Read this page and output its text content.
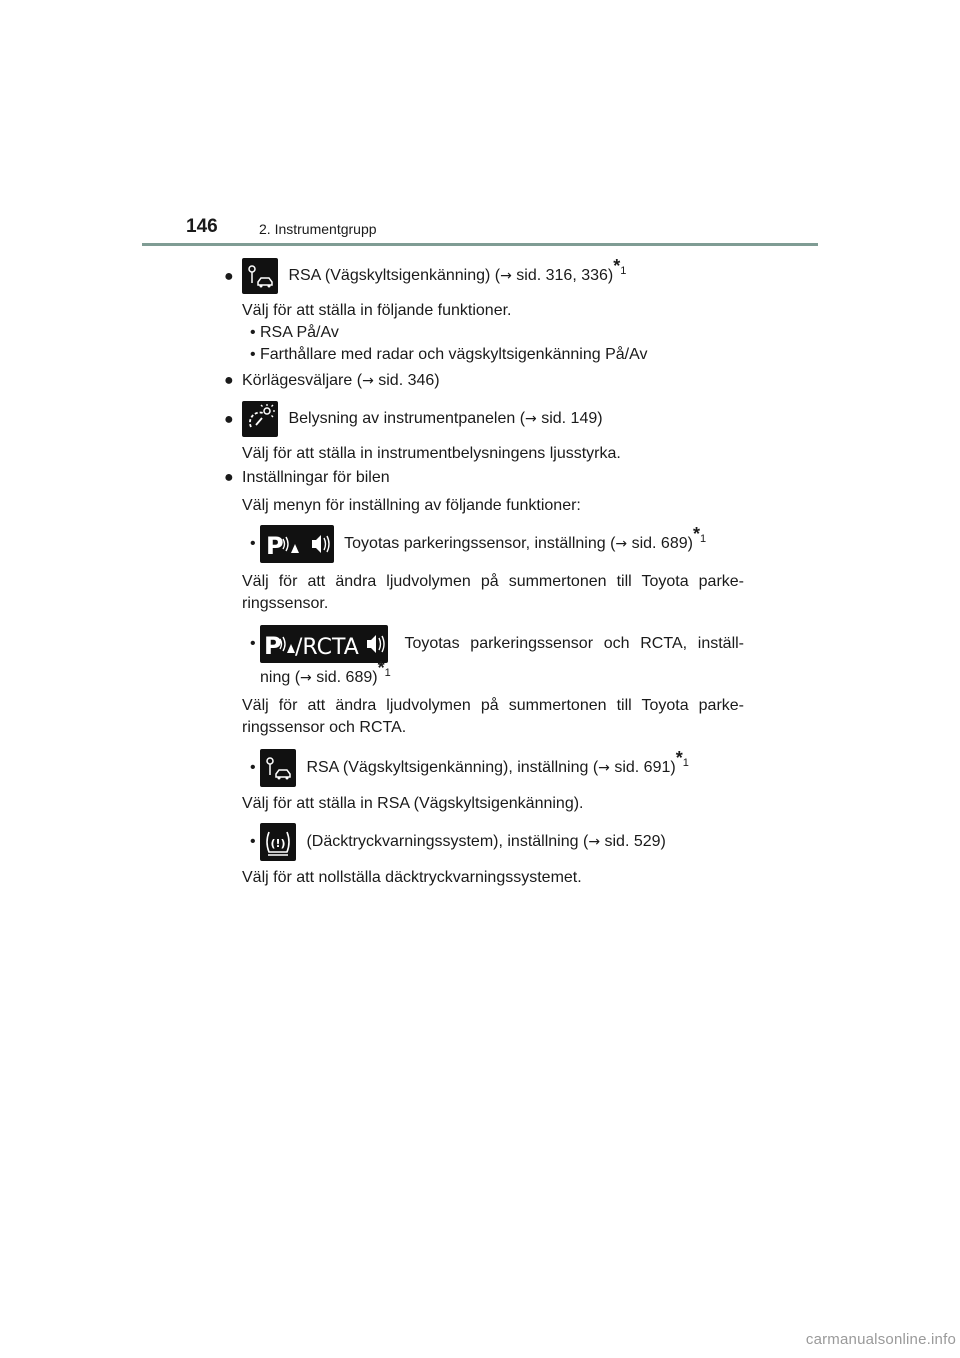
146	2. Instrumentgrupp
●	RSA (Vägskyltsigenkänning) (→ sid. 316, 336)$^{*1}$
Välj för att ställa in följande funktioner.
• RSA På/Av
• Farthållare med radar och vägskyltsigenkänning På/Av
● Körlägesväljare (→ sid. 346)
●	Belysning av instrumentpanelen (→ sid. 149)
Välj för att ställa in instrumentbelysningens ljusstyrka.
● Inställningar för bilen
Välj menyn för inställning av följande funktioner:
• P	Toyotas parkeringssensor, inställning (→ sid. 689)$^{*1}$
Välj för att ändra ljudvolymen på summertonen till Toyota parke-ringssensor.
• P /RCTA	Toyotas parkeringssensor och RCTA, inställ-
ning (→ sid. 689)$^{*1}$
Välj för att ändra ljudvolymen på summertonen till Toyota parke-ringssensor och RCTA.
•	RSA (Vägskyltsigenkänning), inställning (→ sid. 691)$^{*1}$
Välj för att ställa in RSA (Vägskyltsigenkänning).
• (!) (Däcktryckvarningssystem), inställning (→ sid. 529)
Välj för att nollställa däcktryckvarningssystemet.
carmanualsonline.info
